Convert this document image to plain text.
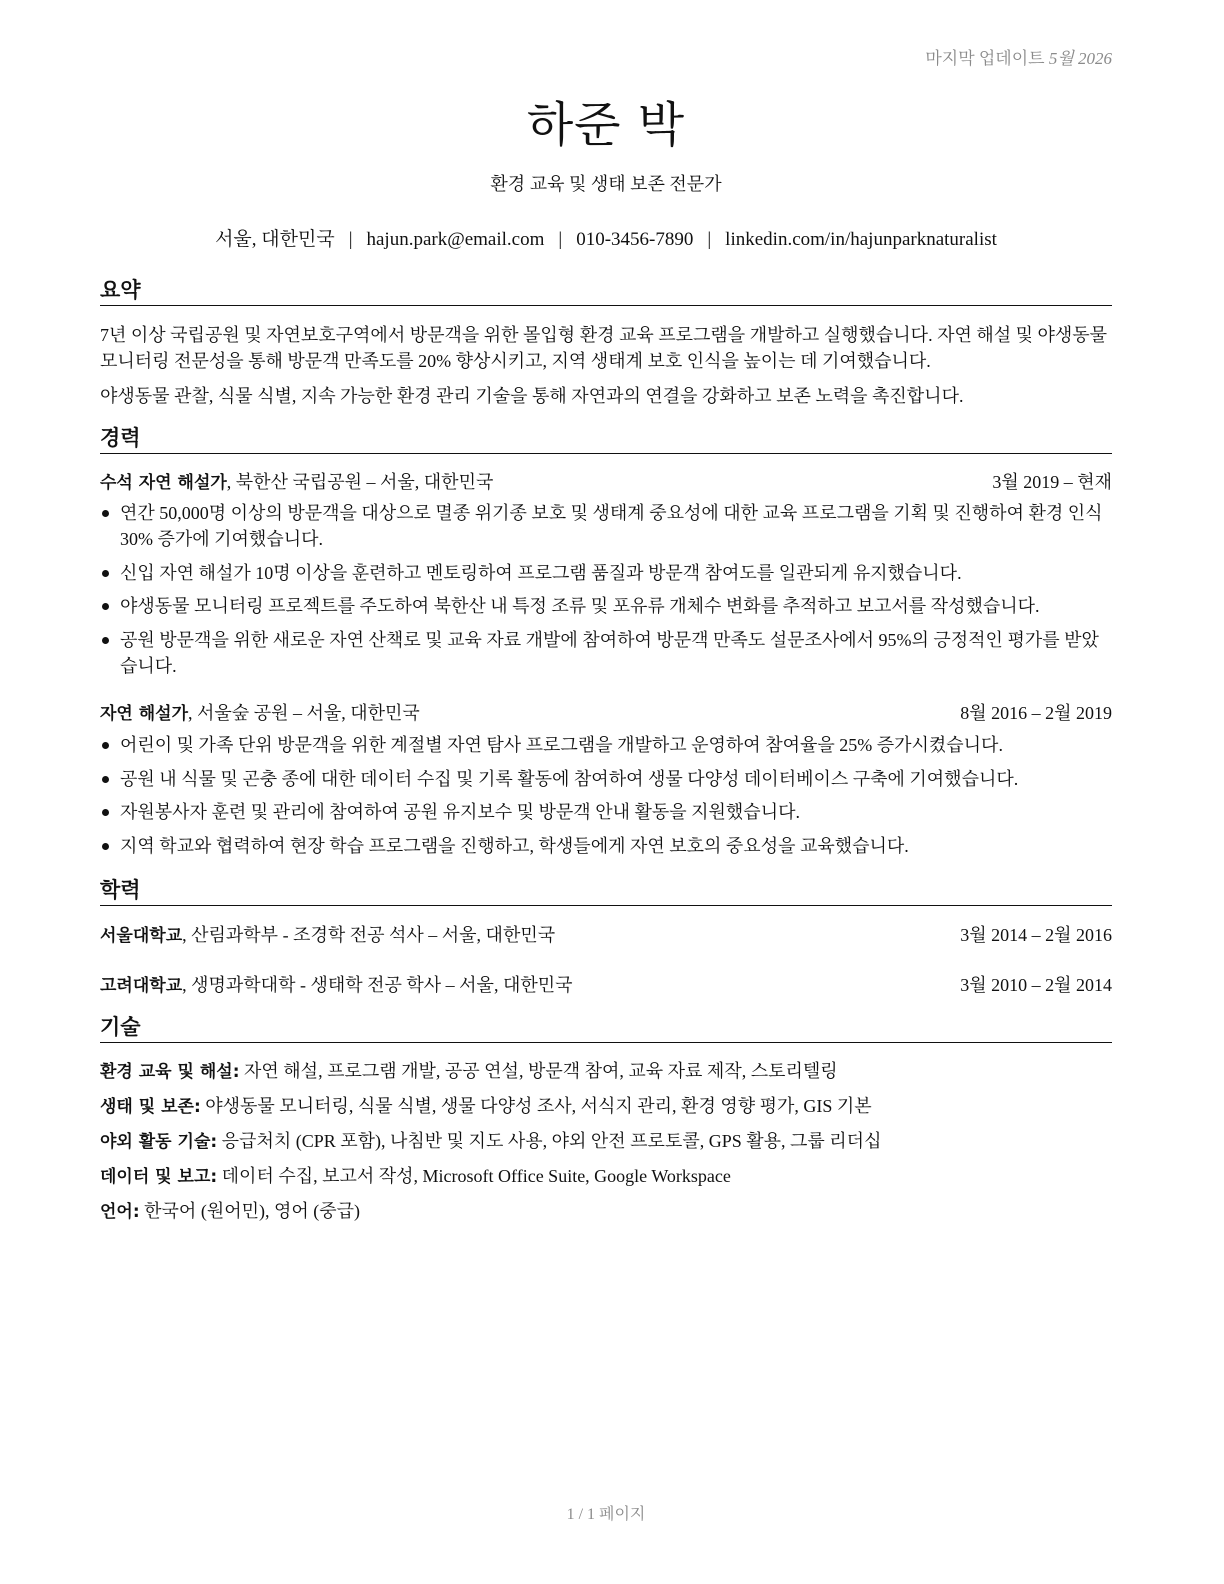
마지막 업데이트 5월 2026
하준 박
환경 교육 및 생태 보존 전문가
서울, 대한민국 | hajun.park@email.com | 010-3456-7890 | linkedin.com/in/hajunparknaturalist
요약
7년 이상 국립공원 및 자연보호구역에서 방문객을 위한 몰입형 환경 교육 프로그램을 개발하고 실행했습니다. 자연 해설 및 야생동물 모니터링 전문성을 통해 방문객 만족도를 20% 향상시키고, 지역 생태계 보호 인식을 높이는 데 기여했습니다.
야생동물 관찰, 식물 식별, 지속 가능한 환경 관리 기술을 통해 자연과의 연결을 강화하고 보존 노력을 촉진합니다.
경력
수석 자연 해설가, 북한산 국립공원 – 서울, 대한민국	3월 2019 – 현재
연간 50,000명 이상의 방문객을 대상으로 멸종 위기종 보호 및 생태계 중요성에 대한 교육 프로그램을 기획 및 진행하여 환경 인식 30% 증가에 기여했습니다.
신입 자연 해설가 10명 이상을 훈련하고 멘토링하여 프로그램 품질과 방문객 참여도를 일관되게 유지했습니다.
야생동물 모니터링 프로젝트를 주도하여 북한산 내 특정 조류 및 포유류 개체수 변화를 추적하고 보고서를 작성했습니다.
공원 방문객을 위한 새로운 자연 산책로 및 교육 자료 개발에 참여하여 방문객 만족도 설문조사에서 95%의 긍정적인 평가를 받았습니다.
자연 해설가, 서울숲 공원 – 서울, 대한민국	8월 2016 – 2월 2019
어린이 및 가족 단위 방문객을 위한 계절별 자연 탐사 프로그램을 개발하고 운영하여 참여율을 25% 증가시켰습니다.
공원 내 식물 및 곤충 종에 대한 데이터 수집 및 기록 활동에 참여하여 생물 다양성 데이터베이스 구축에 기여했습니다.
자원봉사자 훈련 및 관리에 참여하여 공원 유지보수 및 방문객 안내 활동을 지원했습니다.
지역 학교와 협력하여 현장 학습 프로그램을 진행하고, 학생들에게 자연 보호의 중요성을 교육했습니다.
학력
서울대학교, 산림과학부 - 조경학 전공 석사 – 서울, 대한민국	3월 2014 – 2월 2016
고려대학교, 생명과학대학 - 생태학 전공 학사 – 서울, 대한민국	3월 2010 – 2월 2014
기술
환경 교육 및 해설: 자연 해설, 프로그램 개발, 공공 연설, 방문객 참여, 교육 자료 제작, 스토리텔링
생태 및 보존: 야생동물 모니터링, 식물 식별, 생물 다양성 조사, 서식지 관리, 환경 영향 평가, GIS 기본
야외 활동 기술: 응급처치 (CPR 포함), 나침반 및 지도 사용, 야외 안전 프로토콜, GPS 활용, 그룹 리더십
데이터 및 보고: 데이터 수집, 보고서 작성, Microsoft Office Suite, Google Workspace
언어: 한국어 (원어민), 영어 (중급)
1 / 1 페이지
